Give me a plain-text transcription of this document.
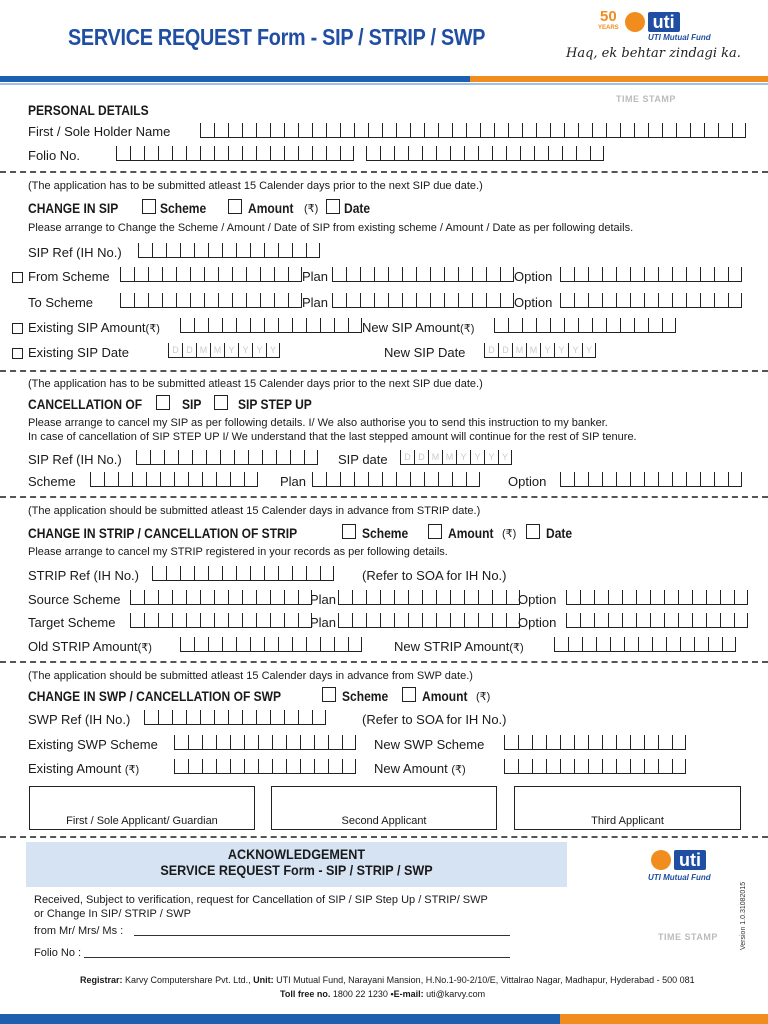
SERVICE REQUEST Form - SIP / STRIP / SWP
50
YEARS uti
UTI Mutual Fund
Haq, ek behtar zindagi ka.
TIME STAMP
PERSONAL DETAILS
First / Sole Holder Name
Folio No.
(The application has to be submitted atleast 15 Calender days prior to the next SIP due date.)
CHANGE IN SIP	Scheme	Amount (₹) Date
Please arrange to Change the Scheme / Amount / Date of SIP from existing scheme / Amount / Date as per following details.
SIP Ref (IH No.)
From Scheme	Plan	Option
To Scheme	Plan	Option
Existing SIP Amount(₹)	New SIP Amount(₹)
Existing SIP Date	D D M M Y Y Y Y	New SIP Date	D D M M Y Y Y Y
(The application has to be submitted atleast 15 Calender days prior to the next SIP due date.)
CANCELLATION OF	SIP	SIP STEP UP
Please arrange to cancel my SIP as per following details. I/ We also authorise you to send this instruction to my banker.
In case of cancellation of SIP STEP UP I/ We understand that the last stepped amount will continue for the rest of SIP tenure.
SIP Ref (IH No.)	SIP date	D D M M Y Y Y Y
Scheme	Plan	Option
(The application should be submitted atleast 15 Calender days in advance from STRIP date.)
CHANGE IN STRIP / CANCELLATION OF STRIP	Scheme	Amount (₹) Date
Please arrange to cancel my STRIP registered in your records as per following details.
STRIP Ref (IH No.)	(Refer to SOA for IH No.)
Source Scheme	Plan	Option
Target Scheme	Plan	Option
Old STRIP Amount(₹)	New STRIP Amount(₹)
(The application should be submitted atleast 15 Calender days in advance from SWP date.)
CHANGE IN SWP / CANCELLATION OF SWP	Scheme Amount (₹)
SWP Ref (IH No.)	(Refer to SOA for IH No.)
Existing SWP Scheme	New SWP Scheme
Existing Amount (₹)	New Amount (₹)
First / Sole Applicant/ Guardian	Second Applicant	Third Applicant
ACKNOWLEDGEMENT
SERVICE REQUEST Form - SIP / STRIP / SWP	uti
UTI Mutual Fund
Received, Subject to verification, request for Cancellation of SIP / SIP Step Up / STRIP/ SWP
or Change In SIP/ STRIP / SWP
from Mr/ Mrs/ Ms :	TIME STAMP
Folio No :
Version 1.0.31082015
Registrar: Karvy Computershare Pvt. Ltd., Unit: UTI Mutual Fund, Narayani Mansion, H.No.1-90-2/10/E, Vittalrao Nagar, Madhapur, Hyderabad - 500 081
Toll free no. 1800 22 1230 •E-mail: uti@karvy.com
